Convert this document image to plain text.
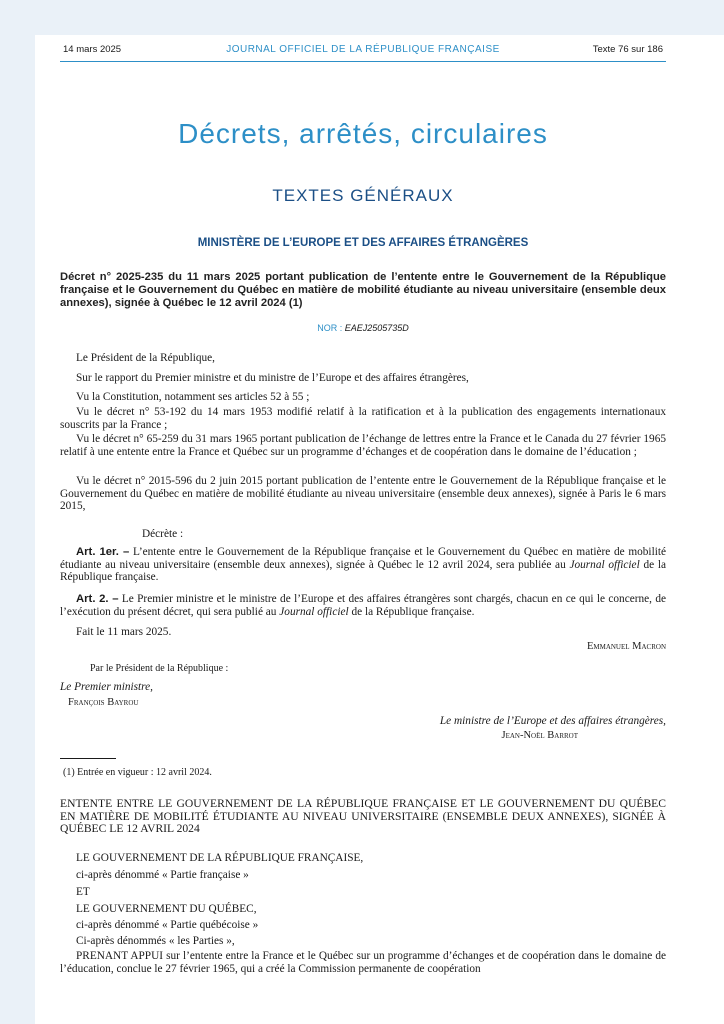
14 mars 2025	JOURNAL OFFICIEL DE LA RÉPUBLIQUE FRANÇAISE	Texte 76 sur 186
Décrets, arrêtés, circulaires
TEXTES GÉNÉRAUX
MINISTÈRE DE L’EUROPE ET DES AFFAIRES ÉTRANGÈRES
Décret n° 2025-235 du 11 mars 2025 portant publication de l’entente entre le Gouvernement de la République française et le Gouvernement du Québec en matière de mobilité étudiante au niveau universitaire (ensemble deux annexes), signée à Québec le 12 avril 2024 (1)
NOR : EAEJ2505735D
Le Président de la République,
Sur le rapport du Premier ministre et du ministre de l’Europe et des affaires étrangères,
Vu la Constitution, notamment ses articles 52 à 55 ;
Vu le décret n° 53-192 du 14 mars 1953 modifié relatif à la ratification et à la publication des engagements internationaux souscrits par la France ;
Vu le décret n° 65-259 du 31 mars 1965 portant publication de l’échange de lettres entre la France et le Canada du 27 février 1965 relatif à une entente entre la France et Québec sur un programme d’échanges et de coopération dans le domaine de l’éducation ;
Vu le décret n° 2015-596 du 2 juin 2015 portant publication de l’entente entre le Gouvernement de la République française et le Gouvernement du Québec en matière de mobilité étudiante au niveau universitaire (ensemble deux annexes), signée à Paris le 6 mars 2015,
Décrète :
Art. 1er. – L’entente entre le Gouvernement de la République française et le Gouvernement du Québec en matière de mobilité étudiante au niveau universitaire (ensemble deux annexes), signée à Québec le 12 avril 2024, sera publiée au Journal officiel de la République française.
Art. 2. – Le Premier ministre et le ministre de l’Europe et des affaires étrangères sont chargés, chacun en ce qui le concerne, de l’exécution du présent décret, qui sera publié au Journal officiel de la République française.
Fait le 11 mars 2025.
Emmanuel Macron
Par le Président de la République :
Le Premier ministre,
François Bayrou
Le ministre de l’Europe et des affaires étrangères,
Jean-Noël Barrot
(1) Entrée en vigueur : 12 avril 2024.
ENTENTE ENTRE LE GOUVERNEMENT DE LA RÉPUBLIQUE FRANÇAISE ET LE GOUVERNEMENT DU QUÉBEC EN MATIÈRE DE MOBILITÉ ÉTUDIANTE AU NIVEAU UNIVERSITAIRE (ENSEMBLE DEUX ANNEXES), SIGNÉE À QUÉBEC LE 12 AVRIL 2024
LE GOUVERNEMENT DE LA RÉPUBLIQUE FRANÇAISE,
ci-après dénommé « Partie française »
ET
LE GOUVERNEMENT DU QUÉBEC,
ci-après dénommé « Partie québécoise »
Ci-après dénommés « les Parties »,
PRENANT APPUI sur l’entente entre la France et le Québec sur un programme d’échanges et de coopération dans le domaine de l’éducation, conclue le 27 février 1965, qui a créé la Commission permanente de coopération
